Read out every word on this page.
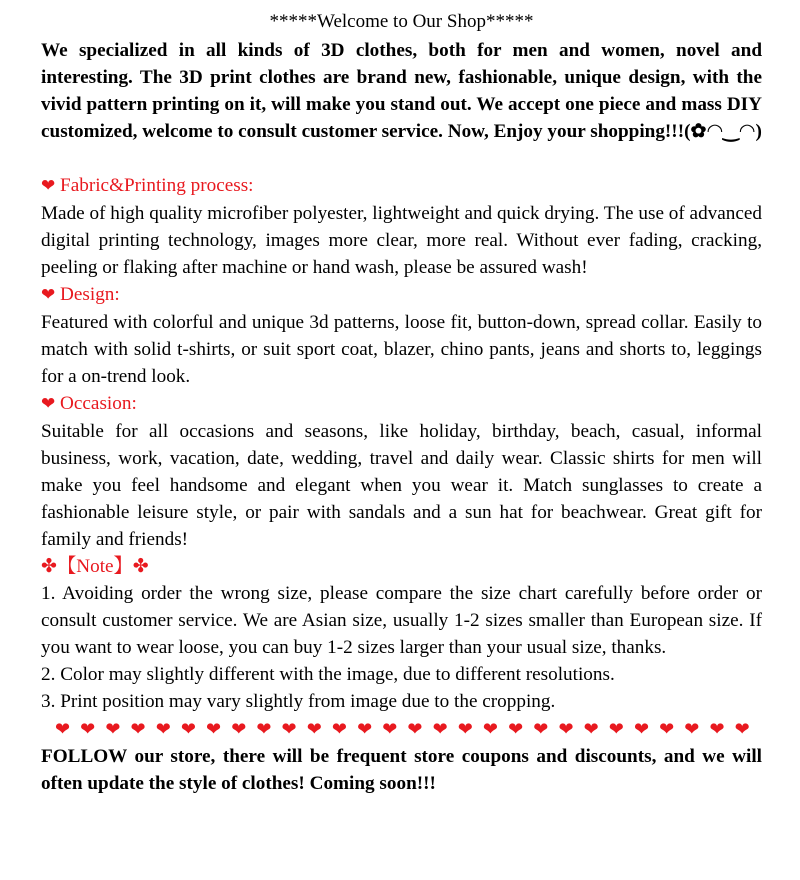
*****Welcome to Our Shop*****

We specialized in all kinds of 3D clothes, both for men and women, novel and interesting. The 3D print clothes are brand new, fashionable, unique design, with the vivid pattern printing on it, will make you stand out. We accept one piece and mass DIY customized, welcome to consult customer service. Now, Enjoy your shopping!!!(✿◠‿◠)

❤ Fabric&Printing process:

Made of high quality microfiber polyester, lightweight and quick drying. The use of advanced digital printing technology, images more clear, more real. Without ever fading, cracking, peeling or flaking after machine or hand wash, please be assured wash!

❤ Design:

Featured with colorful and unique 3d patterns, loose fit, button-down, spread collar. Easily to match with solid t-shirts, or suit sport coat, blazer, chino pants, jeans and shorts to, leggings for a on-trend look.

❤ Occasion:

Suitable for all occasions and seasons, like holiday, birthday, beach, casual, informal business, work, vacation, date, wedding, travel and daily wear. Classic shirts for men will make you feel handsome and elegant when you wear it. Match sunglasses to create a fashionable leisure style, or pair with sandals and a sun hat for beachwear. Great gift for family and friends!

✤【Note】✤

1. Avoiding order the wrong size, please compare the size chart carefully before order or consult customer service. We are Asian size, usually 1-2 sizes smaller than European size. If you want to wear loose, you can buy 1-2 sizes larger than your usual size, thanks.

2. Color may slightly different with the image, due to different resolutions.

3. Print position may vary slightly from image due to the cropping.

❤ ❤ ❤ ❤ ❤ ❤ ❤ ❤ ❤ ❤ ❤ ❤ ❤ ❤ ❤ ❤ ❤ ❤ ❤ ❤ ❤ ❤ ❤ ❤ ❤ ❤ ❤ ❤

FOLLOW our store, there will be frequent store coupons and discounts, and we will often update the style of clothes! Coming soon!!!
